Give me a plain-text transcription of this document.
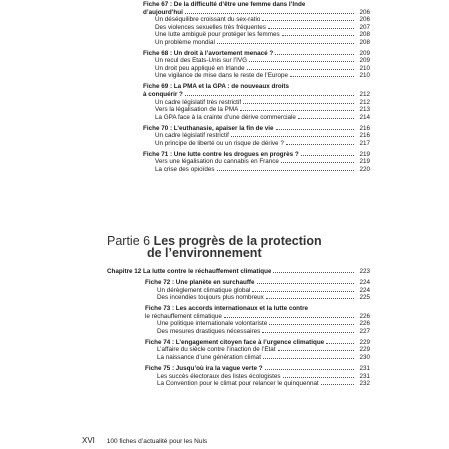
Fiche 67 : De la difficulté d’être une femme dans l’Inde
d’aujourd’hui	206
Un déséquilibre croissant du sex-ratio	206
Des violences sexuelles très fréquentes	207
Une lutte ambiguë pour protéger les femmes	208
Un problème mondial	208
Fiche 68 : Un droit à l’avortement menacé ?	209
Un recul des États-Unis sur l’IVG	209
Un droit peu appliqué en Irlande	210
Une vigilance de mise dans le reste de l’Europe	210
Fiche 69 : La PMA et la GPA : de nouveaux droits
à conquérir ?	212
Un cadre législatif très restrictif	212
Vers la légalisation de la PMA	213
La GPA face à la crainte d’une dérive commerciale	214
Fiche 70 : L’euthanasie, apaiser la fin de vie	216
Un cadre législatif restrictif	216
Un principe de liberté ou un risque de dérive ?	217
Fiche 71 : Une lutte contre les drogues en progrès ?	219
Vers une légalisation du cannabis en France	219
La crise des opioïdes	220
Partie 6 Les progrès de la protection
de l’environnement
Chapitre 12 La lutte contre le réchauffement climatique	223
Fiche 72 : Une planète en surchauffe	224
Un dérèglement climatique global	224
Des incendies toujours plus nombreux	225
Fiche 73 : Les accords internationaux et la lutte contre
le réchauffement climatique	226
Une politique internationale volontariste	226
Des mesures drastiques nécessaires	227
Fiche 74 : L’engagement citoyen face à l’urgence climatique	229
L’affaire du siècle contre l’inaction de l’État	229
La naissance d’une génération climat	230
Fiche 75 : Jusqu’où ira la vague verte ?	231
Les succès électoraux des listes écologistes	231
La Convention pour le climat pour relancer le quinquennat	232
XVI 100 fiches d’actualité pour les Nuls
